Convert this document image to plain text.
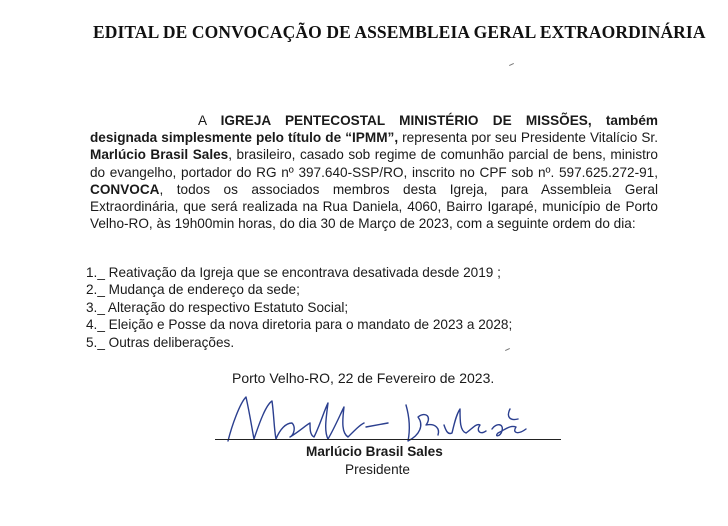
EDITAL DE CONVOCAÇÃO DE ASSEMBLEIA GERAL EXTRAORDINÁRIA
A IGREJA PENTECOSTAL MINISTÉRIO DE MISSÕES, também designada simplesmente pelo título de “IPMM”, representa por seu Presidente Vitalício Sr. Marlúcio Brasil Sales, brasileiro, casado sob regime de comunhão parcial de bens, ministro do evangelho, portador do RG nº 397.640-SSP/RO, inscrito no CPF sob nº. 597.625.272-91, CONVOCA, todos os associados membros desta Igreja, para Assembleia Geral Extraordinária, que será realizada na Rua Daniela, 4060, Bairro Igarapé, município de Porto Velho-RO, às 19h00min horas, do dia 30 de Março de 2023, com a seguinte ordem do dia:
1._ Reativação da Igreja que se encontrava desativada desde 2019 ;
2._ Mudança de endereço da sede;
3._ Alteração do respectivo Estatuto Social;
4._ Eleição e Posse da nova diretoria para o mandato de 2023 a 2028;
5._ Outras deliberações.
Porto Velho-RO, 22 de Fevereiro de 2023.
Marlúcio Brasil Sales
Presidente
